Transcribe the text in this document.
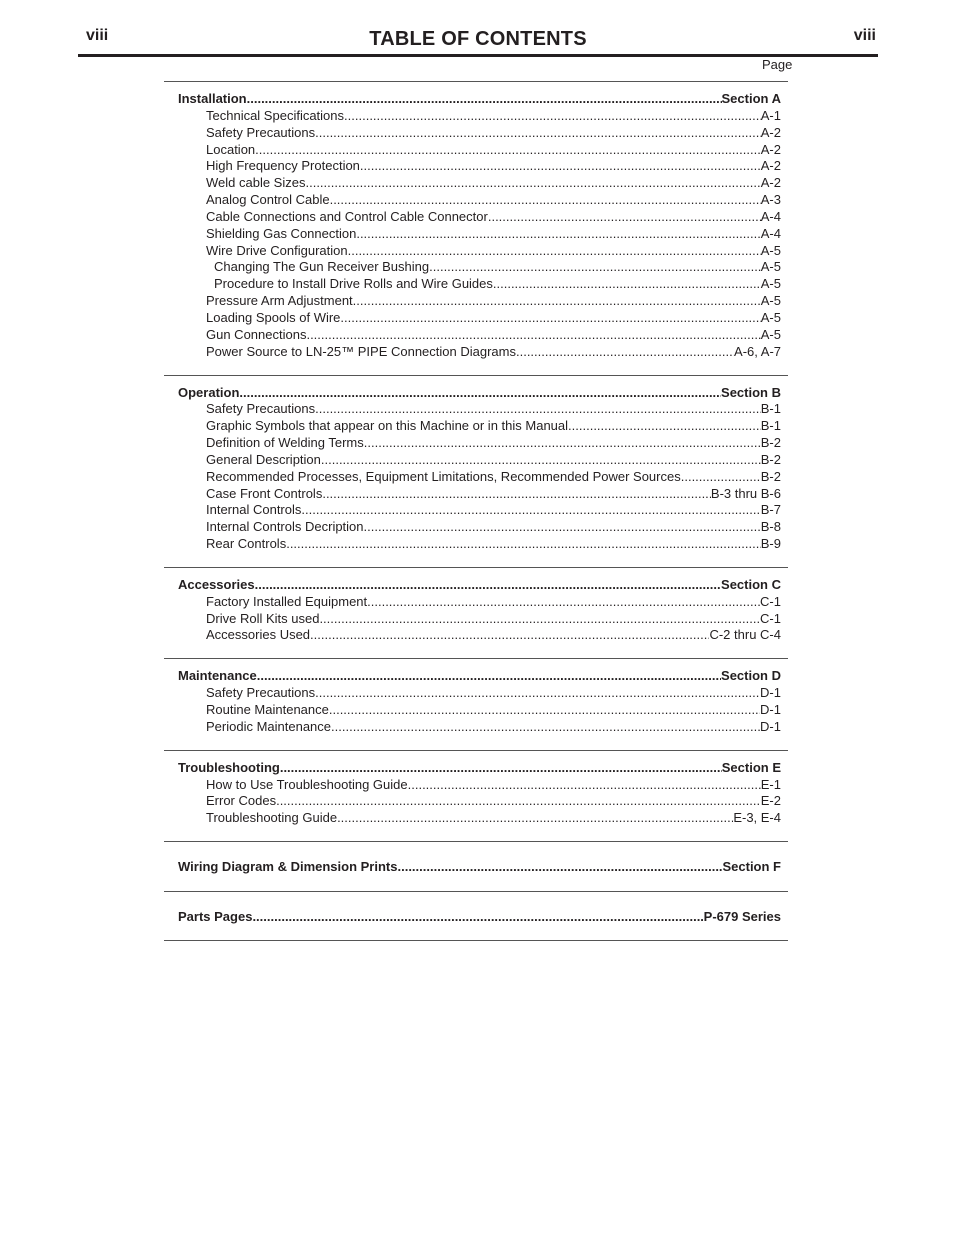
viii	TABLE OF CONTENTS	viii
Page
Installation .....	Section A
Technical Specifications .....	A-1
Safety Precautions .....	A-2
Location .....	A-2
High Frequency Protection .....	A-2
Weld cable Sizes .....	A-2
Analog Control Cable .....	A-3
Cable Connections and Control Cable Connector .....	A-4
Shielding Gas Connection .....	A-4
Wire Drive Configuration .....	A-5
Changing The Gun Receiver Bushing .....	A-5
Procedure to Install Drive Rolls and Wire Guides .....	A-5
Pressure Arm Adjustment .....	A-5
Loading Spools of Wire .....	A-5
Gun Connections .....	A-5
Power Source to LN-25™ PIPE Connection Diagrams .....	A-6, A-7
Operation .....	Section B
Safety Precautions .....	B-1
Graphic Symbols that appear on this Machine or in this Manual .....	B-1
Definition of Welding Terms .....	B-2
General Description .....	B-2
Recommended Processes, Equipment Limitations, Recommended Power Sources .....	B-2
Case Front Controls .....	B-3 thru B-6
Internal Controls .....	B-7
Internal Controls Decription .....	B-8
Rear Controls .....	B-9
Accessories .....	Section C
Factory Installed Equipment .....	C-1
Drive Roll Kits used .....	C-1
Accessories Used .....	C-2 thru C-4
Maintenance .....	Section D
Safety Precautions .....	D-1
Routine Maintenance .....	D-1
Periodic Maintenance .....	D-1
Troubleshooting .....	Section E
How to Use Troubleshooting Guide .....	E-1
Error Codes .....	E-2
Troubleshooting Guide .....	E-3, E-4
Wiring Diagram & Dimension Prints .....	Section F
Parts Pages .....	P-679 Series
